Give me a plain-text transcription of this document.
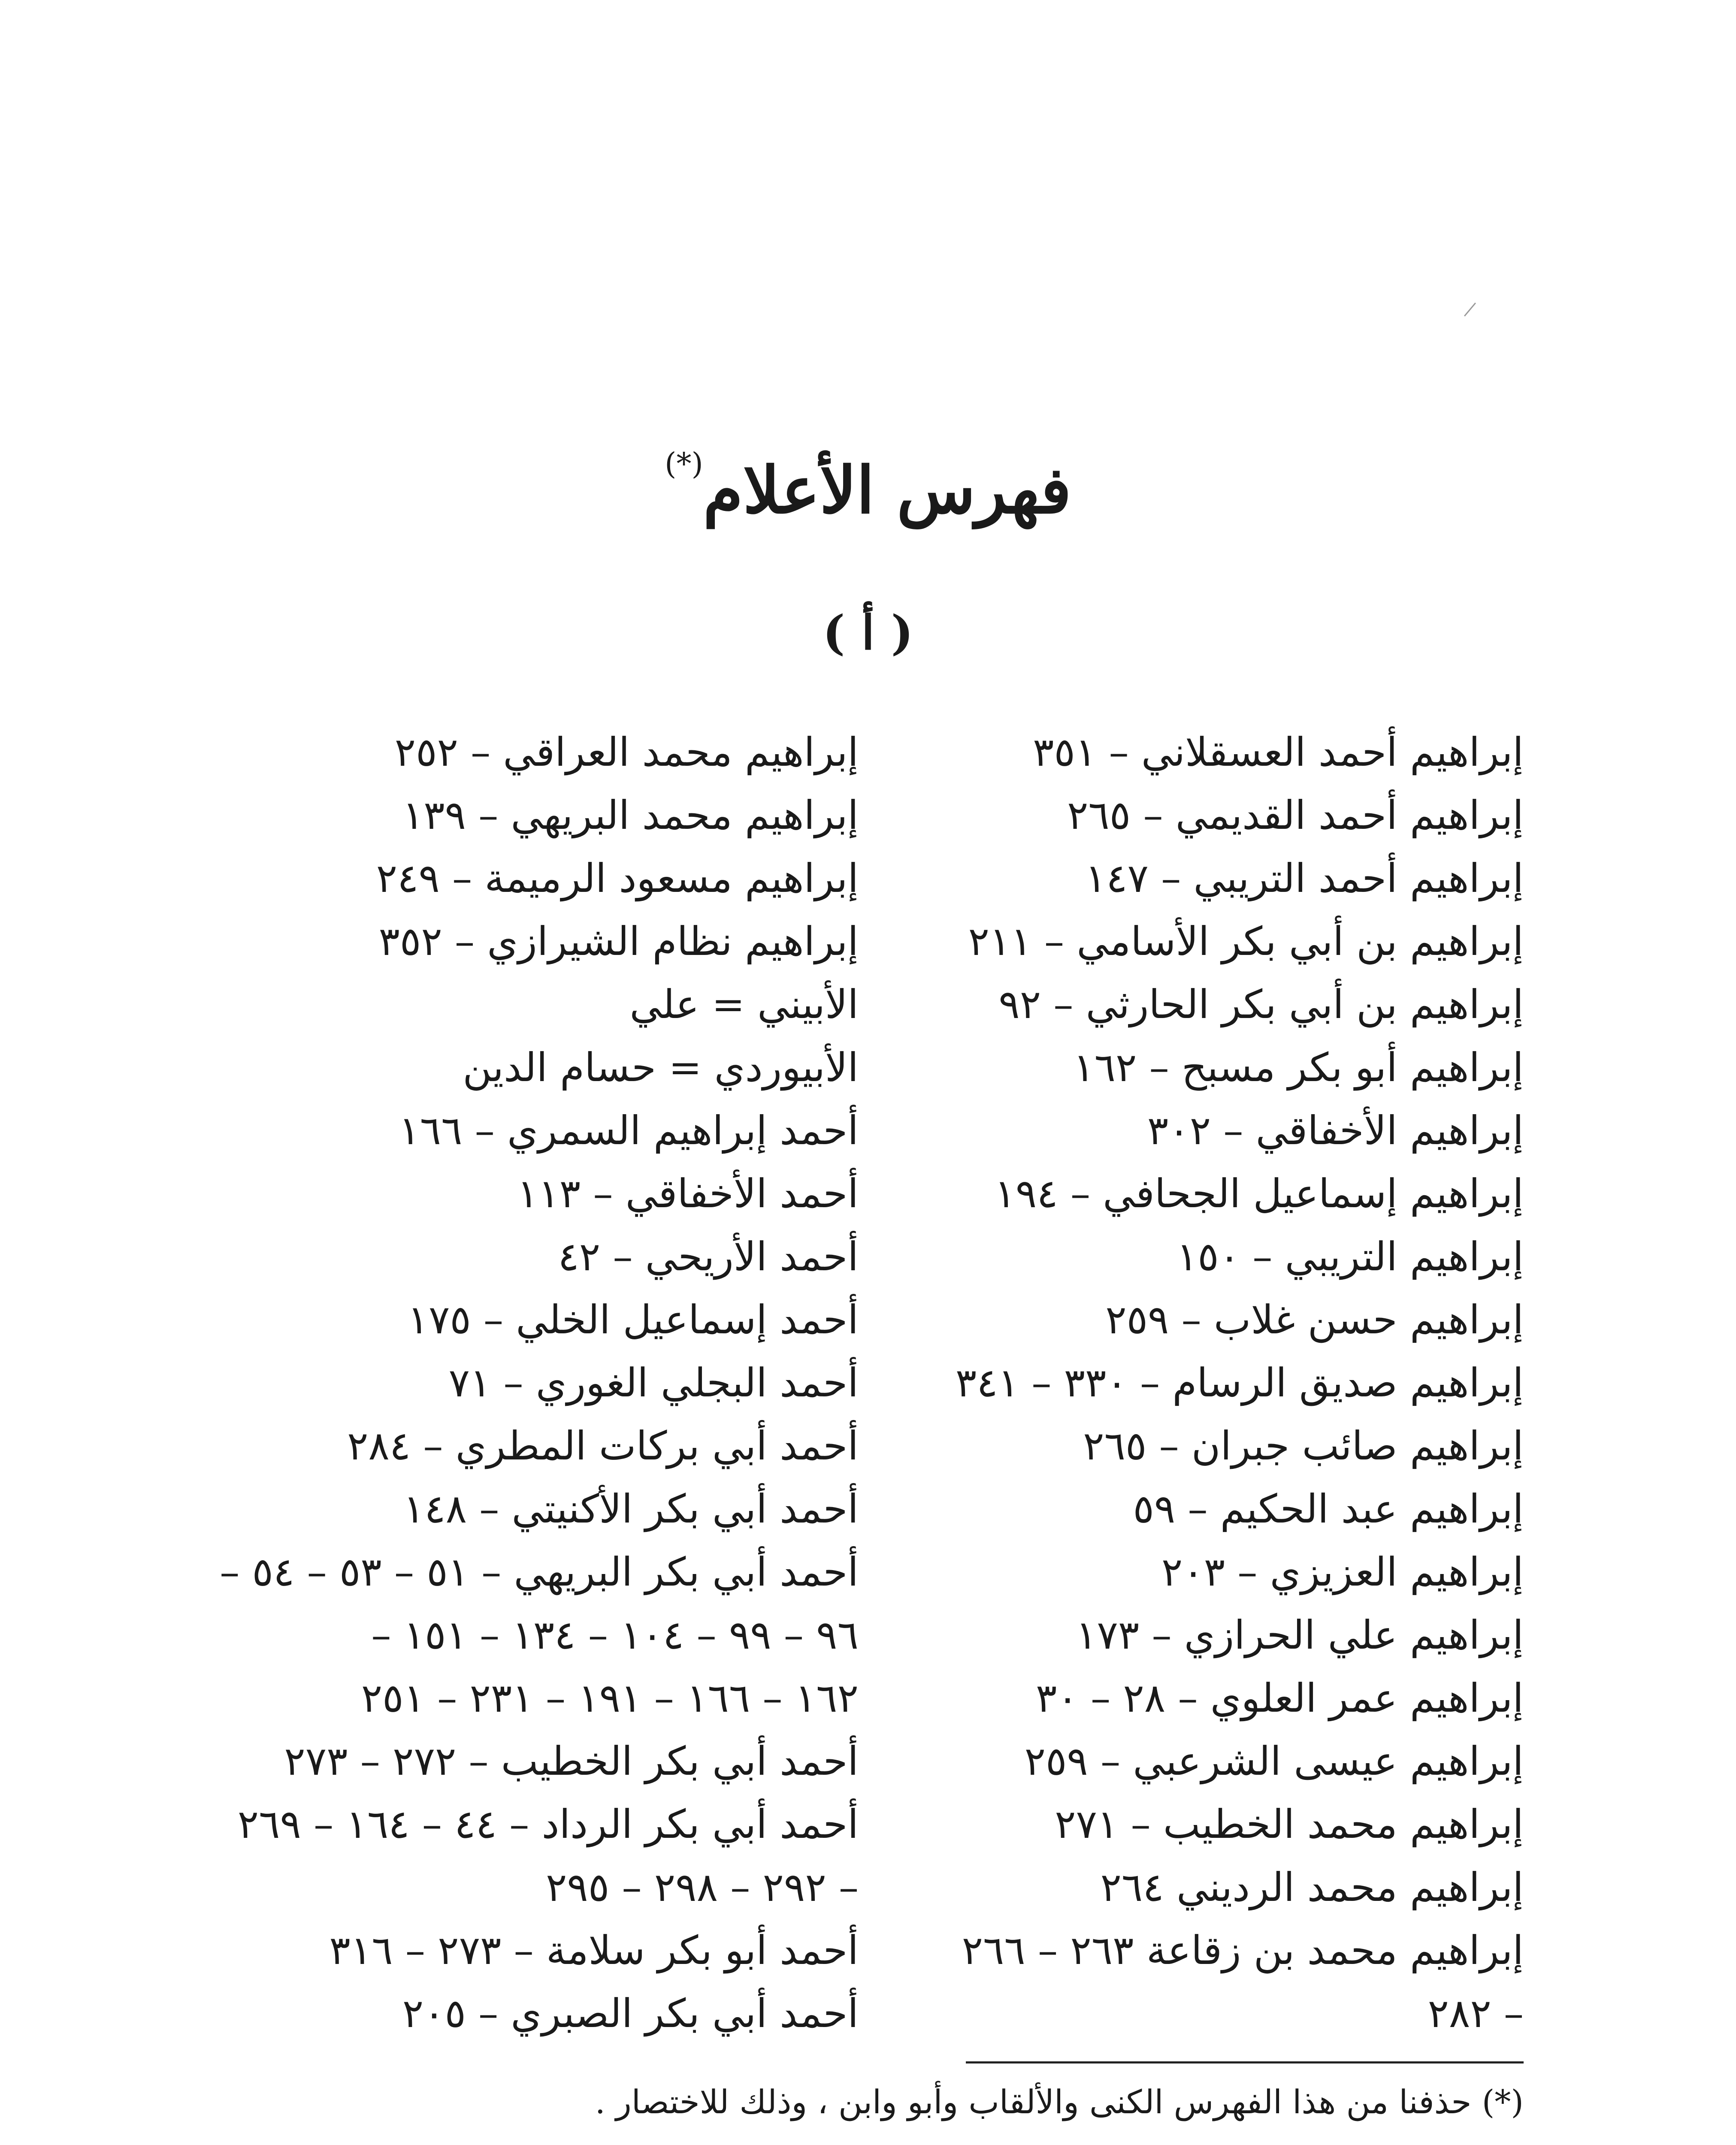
فهرس الأعلام(*)
( أ )
إبراهيم أحمد العسقلاني – ٣٥١
إبراهيم أحمد القديمي – ٢٦٥
إبراهيم أحمد التريبي – ١٤٧
إبراهيم بن أبي بكر الأسامي – ٢١١
إبراهيم بن أبي بكر الحارثي – ٩٢
إبراهيم أبو بكر مسبح – ١٦٢
إبراهيم الأخفاقي – ٣٠٢
إبراهيم إسماعيل الجحافي – ١٩٤
إبراهيم التريبي – ١٥٠
إبراهيم حسن غلاب – ٢٥٩
إبراهيم صديق الرسام – ٣٣٠ – ٣٤١
إبراهيم صائب جبران – ٢٦٥
إبراهيم عبد الحكيم – ٥٩
إبراهيم العزيزي – ٢٠٣
إبراهيم علي الحرازي – ١٧٣
إبراهيم عمر العلوي – ٢٨ – ٣٠
إبراهيم عيسى الشرعبي – ٢٥٩
إبراهيم محمد الخطيب – ٢٧١
إبراهيم محمد الرديني ٢٦٤
إبراهيم محمد بن زقاعة ٢٦٣ – ٢٦٦
– ٢٨٢
إبراهيم محمد العراقي – ٢٥٢
إبراهيم محمد البريهي – ١٣٩
إبراهيم مسعود الرميمة – ٢٤٩
إبراهيم نظام الشيرازي – ٣٥٢
الأبيني = علي
الأبيوردي = حسام الدين
أحمد إبراهيم السمري – ١٦٦
أحمد الأخفاقي – ١١٣
أحمد الأريحي – ٤٢
أحمد إسماعيل الخلي – ١٧٥
أحمد البجلي الغوري – ٧١
أحمد أبي بركات المطري – ٢٨٤
أحمد أبي بكر الأكنيتي – ١٤٨
أحمد أبي بكر البريهي – ٥١ – ٥٣ – ٥٤ –
٩٦ – ٩٩ – ١٠٤ – ١٣٤ – ١٥١ –
١٦٢ – ١٦٦ – ١٩١ – ٢٣١ – ٢٥١
أحمد أبي بكر الخطيب – ٢٧٢ – ٢٧٣
أحمد أبي بكر الرداد – ٤٤ – ١٦٤ – ٢٦٩
– ٢٩٢ – ٢٩٨ – ٢٩٥
أحمد أبو بكر سلامة – ٢٧٣ – ٣١٦
أحمد أبي بكر الصبري – ٢٠٥
(*) حذفنا من هذا الفهرس الكنى والألقاب وأبو وابن ، وذلك للاختصار .
